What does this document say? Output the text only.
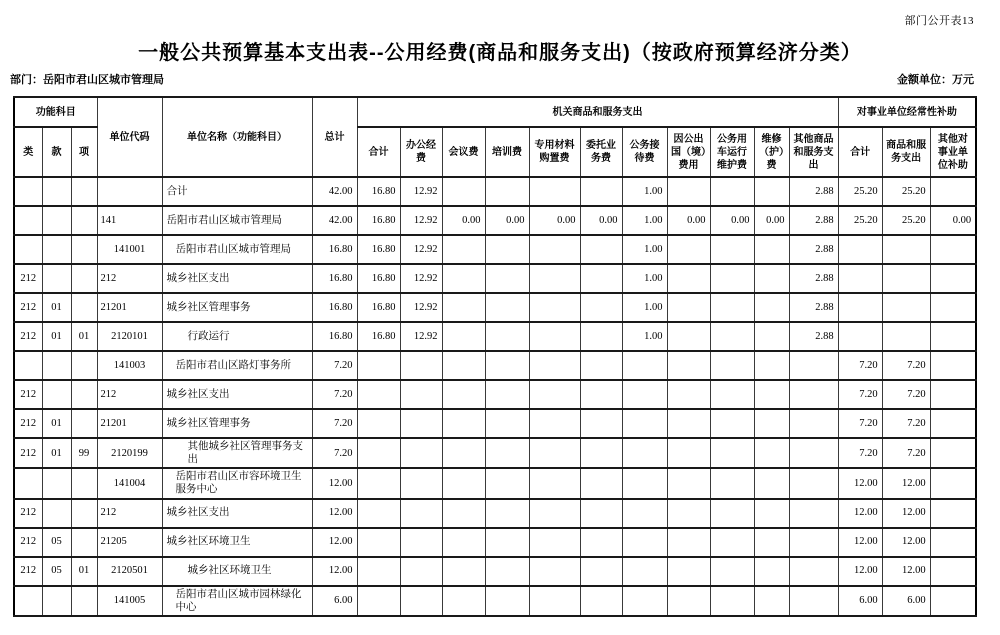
部门公开表13
一般公共预算基本支出表--公用经费(商品和服务支出)（按政府预算经济分类）
部门：岳阳市君山区城市管理局	金额单位：万元
功能科目			单位代码	单位名称（功能科目）	总计	机关商品和服务支出											对事业单位经常性补助		
类	款	项				合计	办公经费	会议费	培训费	专用材料购置费	委托业务费	公务接待费	因公出国（境）费用	公务用车运行维护费	维修（护）费	其他商品和服务支出	合计	商品和服务支出	其他对事业单位补助
				合计	42.00	16.80	12.92					1.00				2.88	25.20	25.20	
			141	岳阳市君山区城市管理局	42.00	16.80	12.92	0.00	0.00	0.00	0.00	1.00	0.00	0.00	0.00	2.88	25.20	25.20	0.00
			141001	岳阳市君山区城市管理局	16.80	16.80	12.92					1.00				2.88			
212			212	城乡社区支出	16.80	16.80	12.92					1.00				2.88			
212	01		21201	城乡社区管理事务	16.80	16.80	12.92					1.00				2.88			
212	01	01	2120101	行政运行	16.80	16.80	12.92					1.00				2.88			
			141003	岳阳市君山区路灯事务所	7.20												7.20	7.20	
212			212	城乡社区支出	7.20												7.20	7.20	
212	01		21201	城乡社区管理事务	7.20												7.20	7.20	
212	01	99	2120199	其他城乡社区管理事务支出	7.20												7.20	7.20	
			141004	岳阳市君山区市容环境卫生服务中心	12.00												12.00	12.00	
212			212	城乡社区支出	12.00												12.00	12.00	
212	05		21205	城乡社区环境卫生	12.00												12.00	12.00	
212	05	01	2120501	城乡社区环境卫生	12.00												12.00	12.00	
			141005	岳阳市君山区城市园林绿化中心	6.00												6.00	6.00	
